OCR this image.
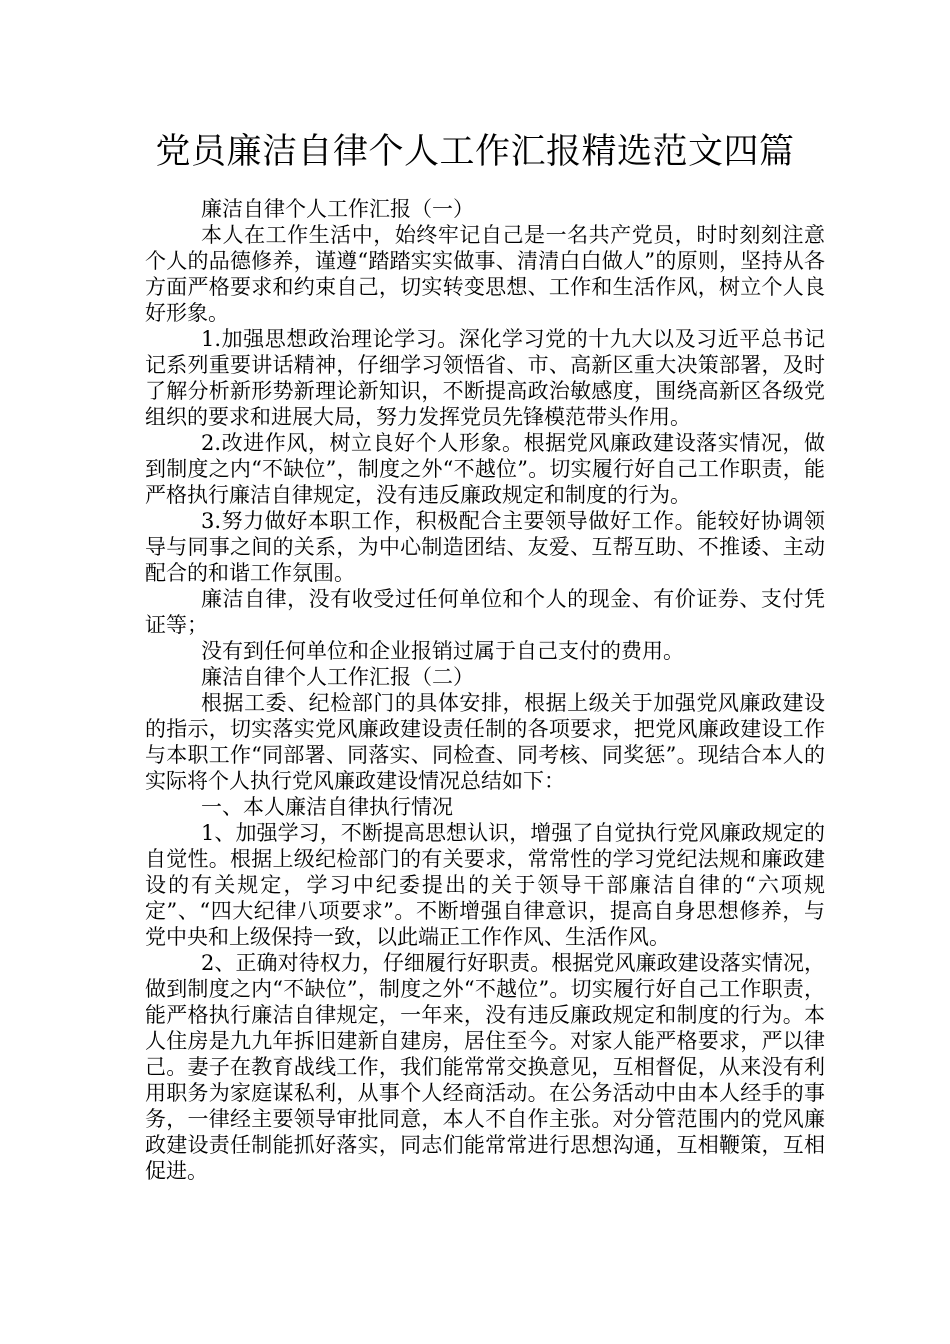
党员廉洁自律个人工作汇报精选范文四篇

廉洁自律个人工作汇报（一）

本人在工作生活中，始终牢记自己是一名共产党员，时时刻刻注意个人的品德修养，谨遵“踏踏实实做事、清清白白做人”的原则，坚持从各方面严格要求和约束自己，切实转变思想、工作和生活作风，树立个人良好形象。

1.加强思想政治理论学习。深化学习党的十九大以及习近平总书记记系列重要讲话精神，仔细学习领悟省、市、高新区重大决策部署，及时了解分析新形势新理论新知识，不断提高政治敏感度，围绕高新区各级党组织的要求和进展大局，努力发挥党员先锋模范带头作用。

2.改进作风，树立良好个人形象。根据党风廉政建设落实情况，做到制度之内“不缺位”，制度之外“不越位”。切实履行好自己工作职责，能严格执行廉洁自律规定，没有违反廉政规定和制度的行为。

3.努力做好本职工作，积极配合主要领导做好工作。能较好协调领导与同事之间的关系，为中心制造团结、友爱、互帮互助、不推诿、主动配合的和谐工作氛围。

廉洁自律，没有收受过任何单位和个人的现金、有价证券、支付凭证等；

没有到任何单位和企业报销过属于自己支付的费用。

廉洁自律个人工作汇报（二）

根据工委、纪检部门的具体安排，根据上级关于加强党风廉政建设的指示，切实落实党风廉政建设责任制的各项要求，把党风廉政建设工作与本职工作“同部署、同落实、同检查、同考核、同奖惩”。现结合本人的实际将个人执行党风廉政建设情况总结如下：

一、本人廉洁自律执行情况

1、加强学习，不断提高思想认识，增强了自觉执行党风廉政规定的自觉性。根据上级纪检部门的有关要求，常常性的学习党纪法规和廉政建设的有关规定，学习中纪委提出的关于领导干部廉洁自律的“六项规定”、“四大纪律八项要求”。不断增强自律意识，提高自身思想修养，与党中央和上级保持一致，以此端正工作作风、生活作风。

2、正确对待权力，仔细履行好职责。根据党风廉政建设落实情况，做到制度之内“不缺位”，制度之外“不越位”。切实履行好自己工作职责，能严格执行廉洁自律规定，一年来，没有违反廉政规定和制度的行为。本人住房是九九年拆旧建新自建房，居住至今。对家人能严格要求，严以律己。妻子在教育战线工作，我们能常常交换意见，互相督促，从来没有利用职务为家庭谋私利，从事个人经商活动。在公务活动中由本人经手的事务，一律经主要领导审批同意，本人不自作主张。对分管范围内的党风廉政建设责任制能抓好落实，同志们能常常进行思想沟通，互相鞭策，互相促进。
